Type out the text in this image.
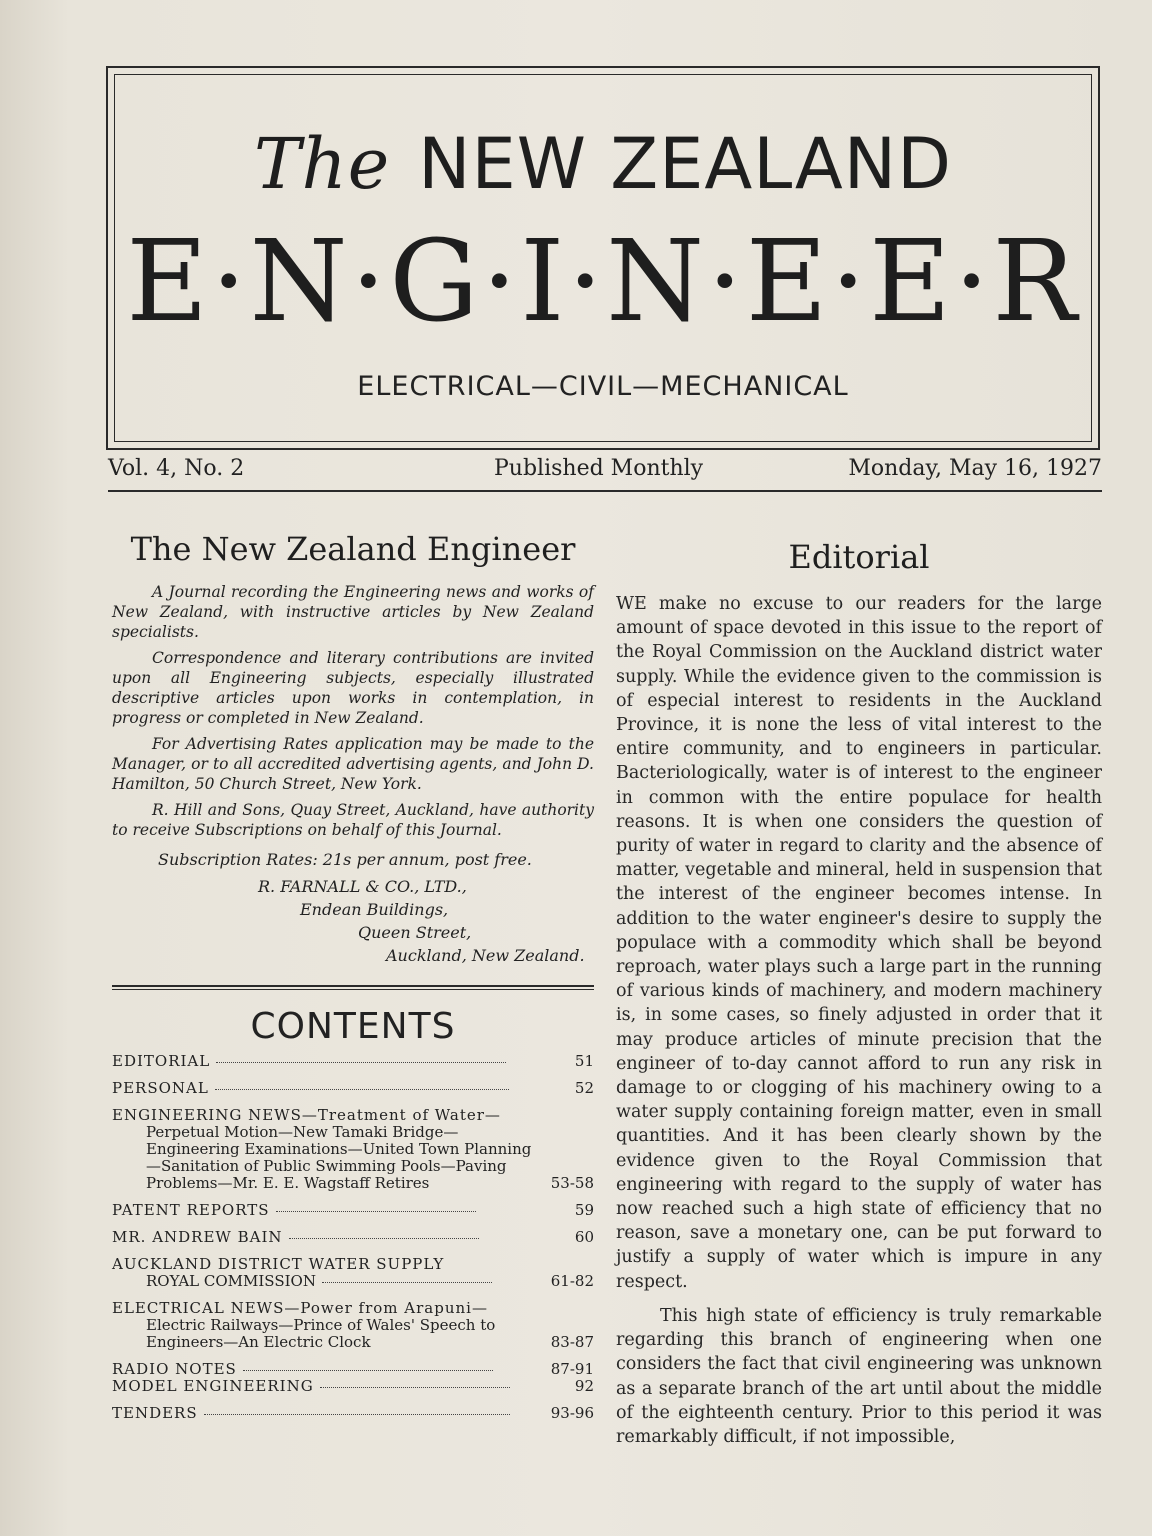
The NEW ZEALAND
E·N·G·I·N·E·E·R
ELECTRICAL—CIVIL—MECHANICAL
Vol. 4, No. 2	Published Monthly	Monday, May 16, 1927
The New Zealand Engineer

A Journal recording the Engineering news and works of New Zealand, with instructive articles by New Zealand specialists.

Correspondence and literary contributions are invited upon all Engineering subjects, especially illustrated descriptive articles upon works in contemplation, in progress or completed in New Zealand.

For Advertising Rates application may be made to the Manager, or to all accredited advertising agents, and John D. Hamilton, 50 Church Street, New York.

R. Hill and Sons, Quay Street, Auckland, have authority to receive Subscriptions on behalf of this Journal.

Subscription Rates: 21s per annum, post free.
R. FARNALL & CO., LTD.,
Endean Buildings,
Queen Street,
Auckland, New Zealand.
CONTENTS
EDITORIAL	51
PERSONAL	52
ENGINEERING NEWS—Treatment of Water—
Perpetual Motion—New Tamaki Bridge—Engineering Examinations—United Town Planning—Sanitation of Public Swimming Pools—Paving Problems—Mr. E. E. Wagstaff Retires	53-58
PATENT REPORTS	59
MR. ANDREW BAIN	60
AUCKLAND DISTRICT WATER SUPPLY
ROYAL COMMISSION	61-82
ELECTRICAL NEWS—Power from Arapuni—
Electric Railways—Prince of Wales' Speech to Engineers—An Electric Clock	83-87
RADIO NOTES	87-91
MODEL ENGINEERING	92
TENDERS	93-96
Editorial

WE make no excuse to our readers for the large amount of space devoted in this issue to the report of the Royal Commission on the Auckland district water supply. While the evidence given to the commission is of especial interest to residents in the Auckland Province, it is none the less of vital interest to the entire community, and to engineers in particular. Bacteriologically, water is of interest to the engineer in common with the entire populace for health reasons. It is when one considers the question of purity of water in regard to clarity and the absence of matter, vegetable and mineral, held in suspension that the interest of the engineer becomes intense. In addition to the water engineer's desire to supply the populace with a commodity which shall be beyond reproach, water plays such a large part in the running of various kinds of machinery, and modern machinery is, in some cases, so finely adjusted in order that it may produce articles of minute precision that the engineer of to-day cannot afford to run any risk in damage to or clogging of his machinery owing to a water supply containing foreign matter, even in small quantities. And it has been clearly shown by the evidence given to the Royal Commission that engineering with regard to the supply of water has now reached such a high state of efficiency that no reason, save a monetary one, can be put forward to justify a supply of water which is impure in any respect.

This high state of efficiency is truly remarkable regarding this branch of engineering when one considers the fact that civil engineering was unknown as a separate branch of the art until about the middle of the eighteenth century. Prior to this period it was remarkably difficult, if not impossible,
